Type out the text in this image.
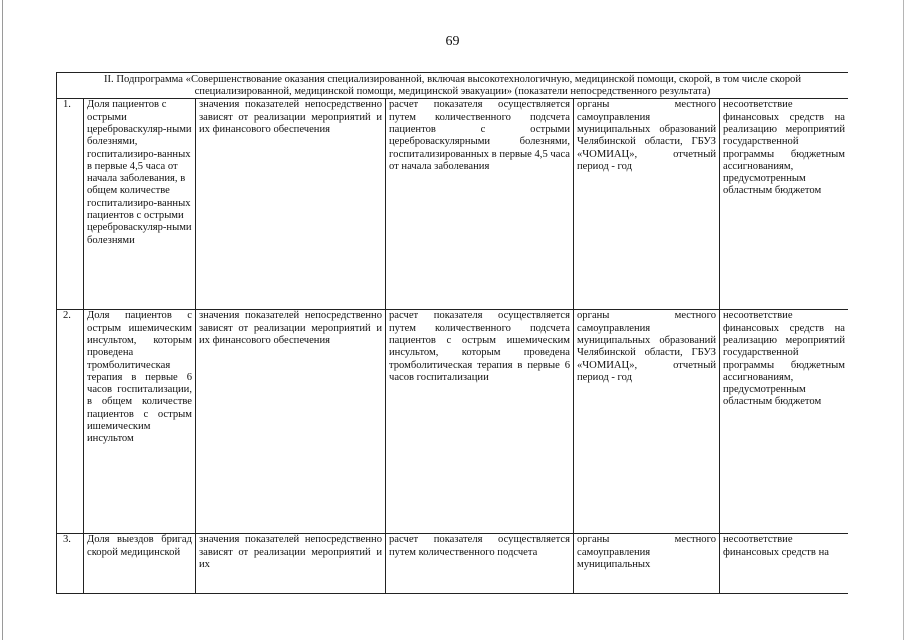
69
II. Подпрограмма «Совершенствование оказания специализированной, включая высокотехнологичную, медицинской помощи, скорой, в том числе скорой специализированной, медицинской помощи, медицинской эвакуации» (показатели непосредственного результата)					
1.	Доля пациентов с острыми цереброваскуляр-ными болезнями, госпитализиро-ванных в первые 4,5 часа от начала заболевания, в общем количестве госпитализиро-ванных пациентов с острыми цереброваскуляр-ными болезнями	значения показателей непосредственно зависят от реализации мероприятий и их финансового обеспечения	расчет показателя осуществляется путем количественного подсчета пациентов с острыми цереброваскулярными болезнями, госпитализированных в первые 4,5 часа от начала заболевания	органы местного самоуправления муниципальных образований Челябинской области, ГБУЗ «ЧОМИАЦ», отчетный период - год	несоответствие финансовых средств на реализацию мероприятий государственной программы бюджетным ассигнованиям, предусмотренным областным бюджетом
2.	Доля пациентов с острым ишемическим инсультом, которым проведена тромболитическая терапия в первые 6 часов госпитализации, в общем количестве пациентов с острым ишемическим инсультом	значения показателей непосредственно зависят от реализации мероприятий и их финансового обеспечения	расчет показателя осуществляется путем количественного подсчета пациентов с острым ишемическим инсультом, которым проведена тромболитическая терапия в первые 6 часов госпитализации	органы местного самоуправления муниципальных образований Челябинской области, ГБУЗ «ЧОМИАЦ», отчетный период - год	несоответствие финансовых средств на реализацию мероприятий государственной программы бюджетным ассигнованиям, предусмотренным областным бюджетом
3.	Доля выездов бригад скорой медицинской	значения показателей непосредственно зависят от реализации мероприятий и их	расчет показателя осуществляется путем количественного подсчета	органы местного самоуправления муниципальных	несоответствие финансовых средств на
